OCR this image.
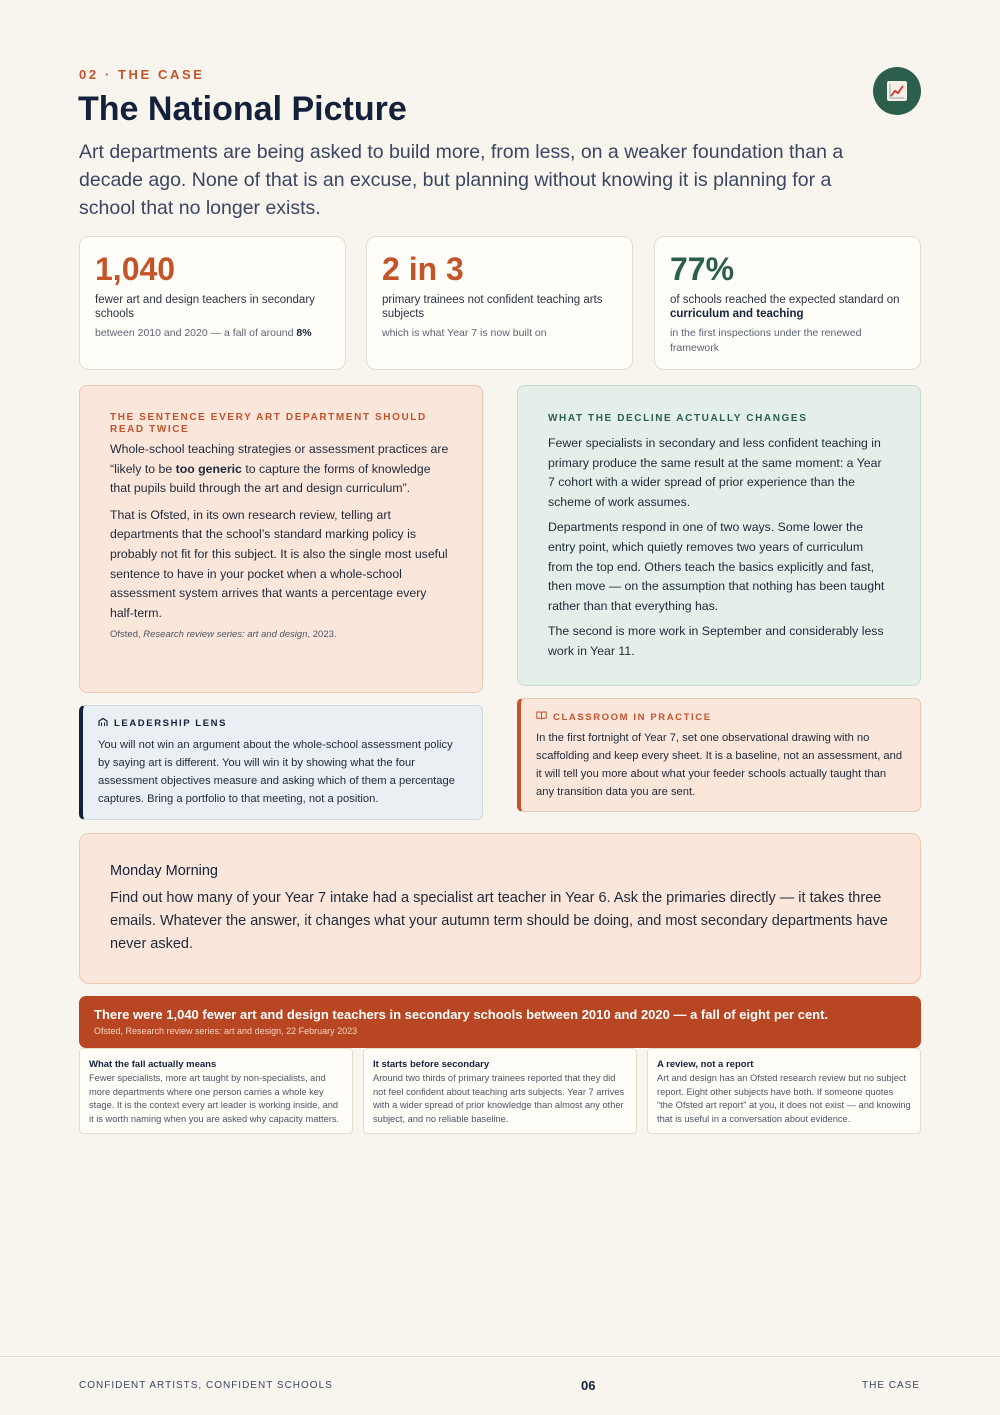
02 · THE CASE
The National Picture

Art departments are being asked to build more, from less, on a weaker foundation than a decade ago. None of that is an excuse, but planning without knowing it is planning for a school that no longer exists.

1,040
fewer art and design teachers in secondary schools
between 2010 and 2020 — a fall of around 8%
2 in 3
primary trainees not confident teaching arts subjects
which is what Year 7 is now built on
77%
of schools reached the expected standard on curriculum and teaching
in the first inspections under the renewed framework
THE SENTENCE EVERY ART DEPARTMENT SHOULD READ TWICE

Whole-school teaching strategies or assessment practices are “likely to be too generic to capture the forms of knowledge that pupils build through the art and design curriculum”.

That is Ofsted, in its own research review, telling art departments that the school’s standard marking policy is probably not fit for this subject. It is also the single most useful sentence to have in your pocket when a whole-school assessment system arrives that wants a percentage every half-term.

Ofsted, Research review series: art and design, 2023.
WHAT THE DECLINE ACTUALLY CHANGES

Fewer specialists in secondary and less confident teaching in primary produce the same result at the same moment: a Year 7 cohort with a wider spread of prior experience than the scheme of work assumes.

Departments respond in one of two ways. Some lower the entry point, which quietly removes two years of curriculum from the top end. Others teach the basics explicitly and fast, then move — on the assumption that nothing has been taught rather than that everything has.

The second is more work in September and considerably less work in Year 11.

LEADERSHIP LENS

You will not win an argument about the whole-school assessment policy by saying art is different. You will win it by showing what the four assessment objectives measure and asking which of them a percentage captures. Bring a portfolio to that meeting, not a position.

CLASSROOM IN PRACTICE

In the first fortnight of Year 7, set one observational drawing with no scaffolding and keep every sheet. It is a baseline, not an assessment, and it will tell you more about what your feeder schools actually taught than any transition data you are sent.

Monday Morning

Find out how many of your Year 7 intake had a specialist art teacher in Year 6. Ask the primaries directly — it takes three emails. Whatever the answer, it changes what your autumn term should be doing, and most secondary departments have never asked.

There were 1,040 fewer art and design teachers in secondary schools between 2010 and 2020 — a fall of eight per cent.
Ofsted, Research review series: art and design, 22 February 2023
What the fall actually means

Fewer specialists, more art taught by non-specialists, and more departments where one person carries a whole key stage. It is the context every art leader is working inside, and it is worth naming when you are asked why capacity matters.

It starts before secondary

Around two thirds of primary trainees reported that they did not feel confident about teaching arts subjects. Year 7 arrives with a wider spread of prior knowledge than almost any other subject, and no reliable baseline.

A review, not a report

Art and design has an Ofsted research review but no subject report. Eight other subjects have both. If someone quotes “the Ofsted art report” at you, it does not exist — and knowing that is useful in a conversation about evidence.

CONFIDENT ARTISTS, CONFIDENT SCHOOLS	06	THE CASE
